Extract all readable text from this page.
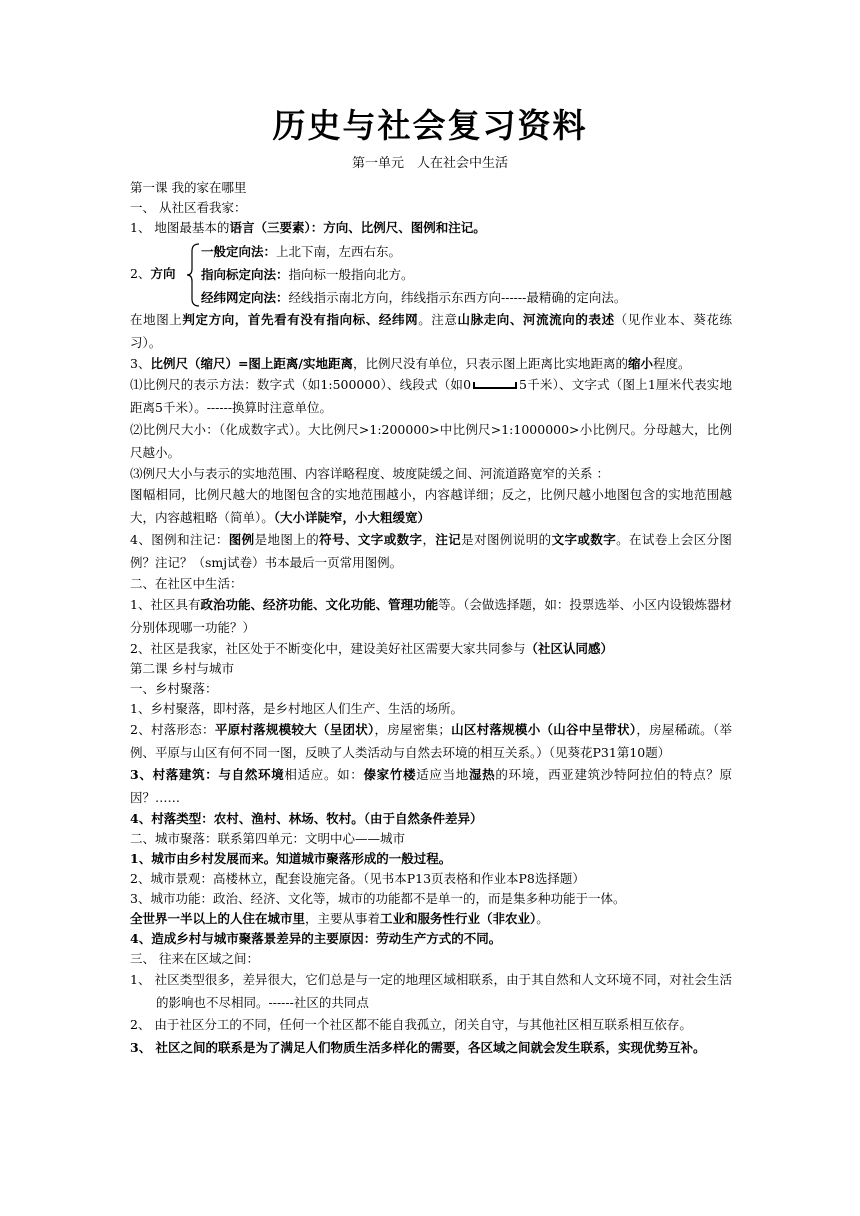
历史与社会复习资料
第一单元　人在社会中生活
第一课 我的家在哪里
一、 从社区看我家：
1、 地图最基本的语言（三要素）：方向、比例尺、图例和注记。
2、方向
一般定向法：上北下南，左西右东。
指向标定向法：指向标一般指向北方。
经纬网定向法：经线指示南北方向，纬线指示东西方向------最精确的定向法。
在地图上判定方向，首先看有没有指向标、经纬网。注意山脉走向、河流流向的表述（见作业本、葵花练习）。
3、比例尺（缩尺）=图上距离/实地距离，比例尺没有单位，只表示图上距离比实地距离的缩小程度。
⑴比例尺的表示方法：数字式（如1:500000）、线段式（如0	5千米）、文字式（图上1厘米代表实地距离5千米）。------换算时注意单位。
⑵比例尺大小：（化成数字式）。大比例尺>1:200000>中比例尺>1:1000000>小比例尺。分母越大，比例尺越小。
⑶例尺大小与表示的实地范围、内容详略程度、坡度陡缓之间、河流道路宽窄的关系 ：
图幅相同，比例尺越大的地图包含的实地范围越小，内容越详细；反之，比例尺越小地图包含的实地范围越大，内容越粗略（简单）。（大小详陡窄，小大粗缓宽）
4、图例和注记：图例是地图上的符号、文字或数字，注记是对图例说明的文字或数字。在试卷上会区分图例？注记？（smj试卷）书本最后一页常用图例。
二、在社区中生活：
1、社区具有政治功能、经济功能、文化功能、管理功能等。（会做选择题，如：投票选举、小区内设锻炼器材分别体现哪一功能？）
2、社区是我家，社区处于不断变化中，建设美好社区需要大家共同参与（社区认同感）
第二课 乡村与城市
一、乡村聚落：
1、乡村聚落，即村落，是乡村地区人们生产、生活的场所。
2、村落形态：平原村落规模较大（呈团状），房屋密集；山区村落规模小（山谷中呈带状），房屋稀疏。（举例、平原与山区有何不同一图，反映了人类活动与自然去环境的相互关系。）（见葵花P31第10题）
3、村落建筑：与自然环境相适应。如：傣家竹楼适应当地湿热的环境，西亚建筑沙特阿拉伯的特点？原因？……
4、村落类型：农村、渔村、林场、牧村。（由于自然条件差异）
二、城市聚落：联系第四单元：文明中心——城市
1、城市由乡村发展而来。知道城市聚落形成的一般过程。
2、城市景观：高楼林立，配套设施完备。（见书本P13页表格和作业本P8选择题）
3、城市功能：政治、经济、文化等，城市的功能都不是单一的，而是集多种功能于一体。
全世界一半以上的人住在城市里，主要从事着工业和服务性行业（非农业）。
4、造成乡村与城市聚落景差异的主要原因：劳动生产方式的不同。
三、 往来在区域之间：
1、 社区类型很多，差异很大，它们总是与一定的地理区域相联系，由于其自然和人文环境不同，对社会生活的影响也不尽相同。------社区的共同点
2、 由于社区分工的不同，任何一个社区都不能自我孤立，闭关自守，与其他社区相互联系相互依存。
3、 社区之间的联系是为了满足人们物质生活多样化的需要，各区域之间就会发生联系，实现优势互补。
